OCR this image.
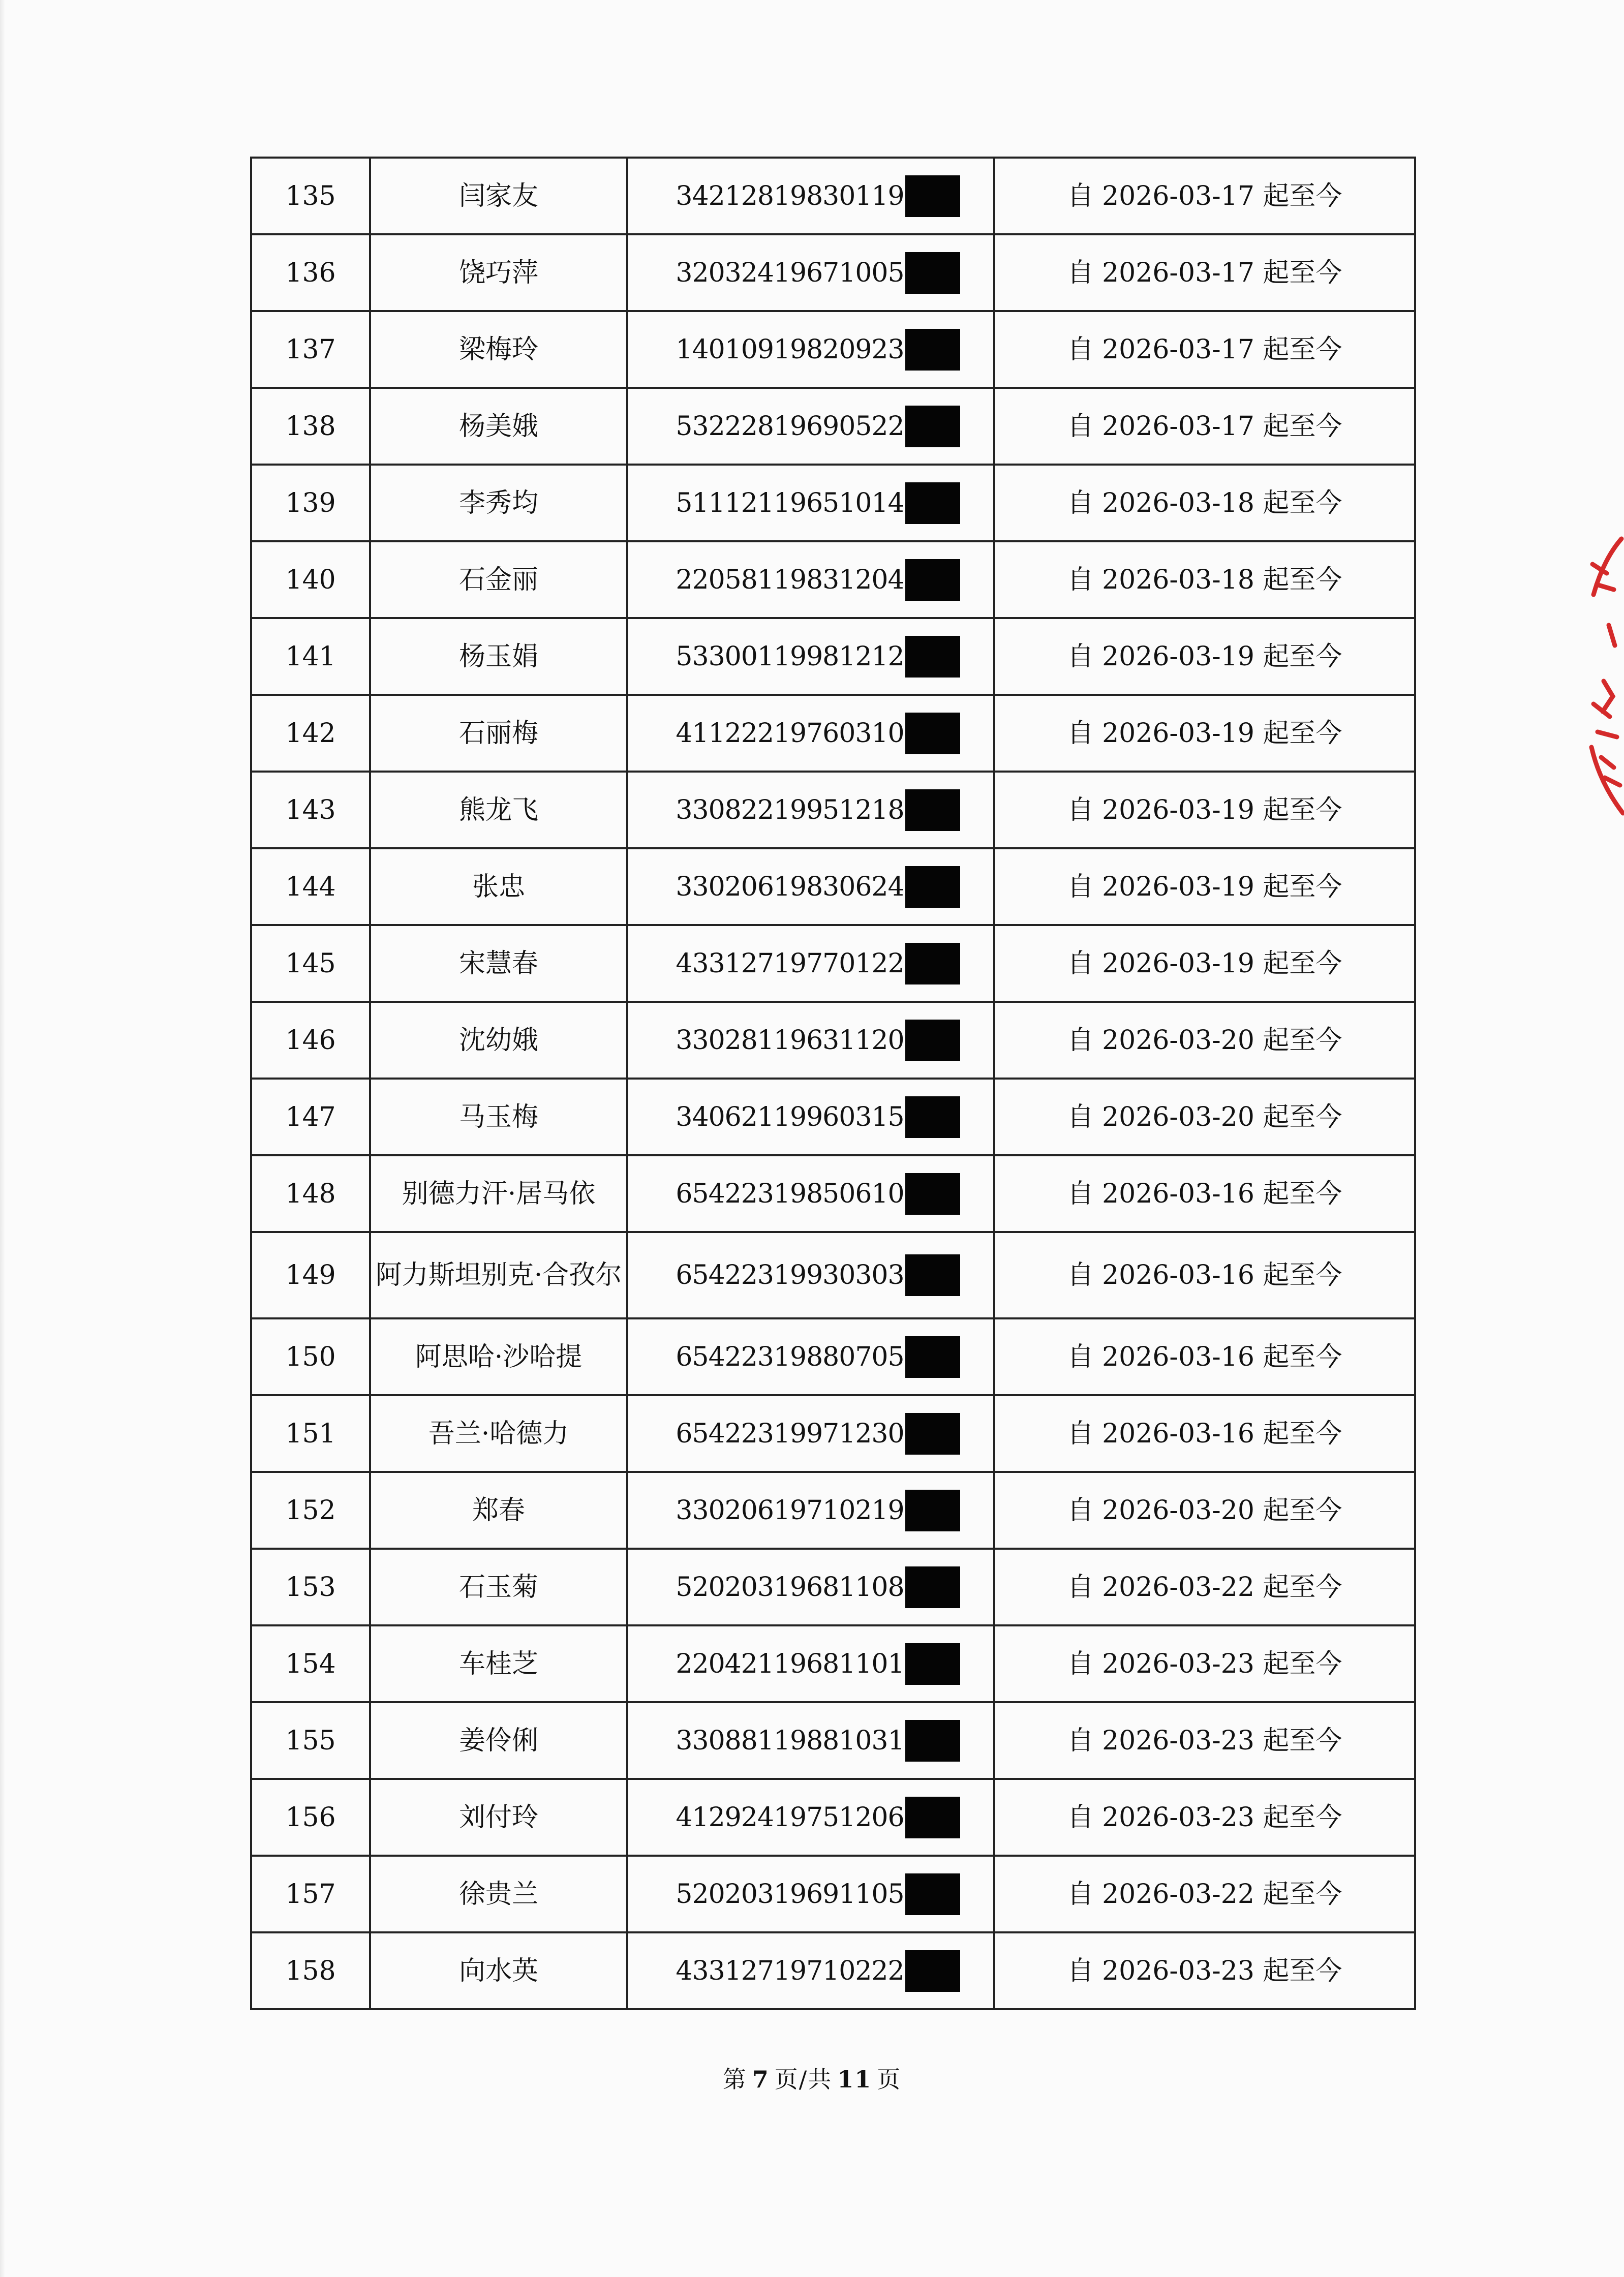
135	闫家友	34212819830119	自 2026-03-17 起至今
136	饶巧萍	32032419671005	自 2026-03-17 起至今
137	梁梅玲	14010919820923	自 2026-03-17 起至今
138	杨美娥	53222819690522	自 2026-03-17 起至今
139	李秀均	51112119651014	自 2026-03-18 起至今
140	石金丽	22058119831204	自 2026-03-18 起至今
141	杨玉娟	53300119981212	自 2026-03-19 起至今
142	石丽梅	41122219760310	自 2026-03-19 起至今
143	熊龙飞	33082219951218	自 2026-03-19 起至今
144	张忠	33020619830624	自 2026-03-19 起至今
145	宋慧春	43312719770122	自 2026-03-19 起至今
146	沈幼娥	33028119631120	自 2026-03-20 起至今
147	马玉梅	34062119960315	自 2026-03-20 起至今
148	别德力汗·居马依	65422319850610	自 2026-03-16 起至今
149	阿力斯坦别克·合孜尔	65422319930303	自 2026-03-16 起至今
150	阿思哈·沙哈提	65422319880705	自 2026-03-16 起至今
151	吾兰·哈德力	65422319971230	自 2026-03-16 起至今
152	郑春	33020619710219	自 2026-03-20 起至今
153	石玉菊	52020319681108	自 2026-03-22 起至今
154	车桂芝	22042119681101	自 2026-03-23 起至今
155	姜伶俐	33088119881031	自 2026-03-23 起至今
156	刘付玲	41292419751206	自 2026-03-23 起至今
157	徐贵兰	52020319691105	自 2026-03-22 起至今
158	向水英	43312719710222	自 2026-03-23 起至今
第 7 页/共 11 页
